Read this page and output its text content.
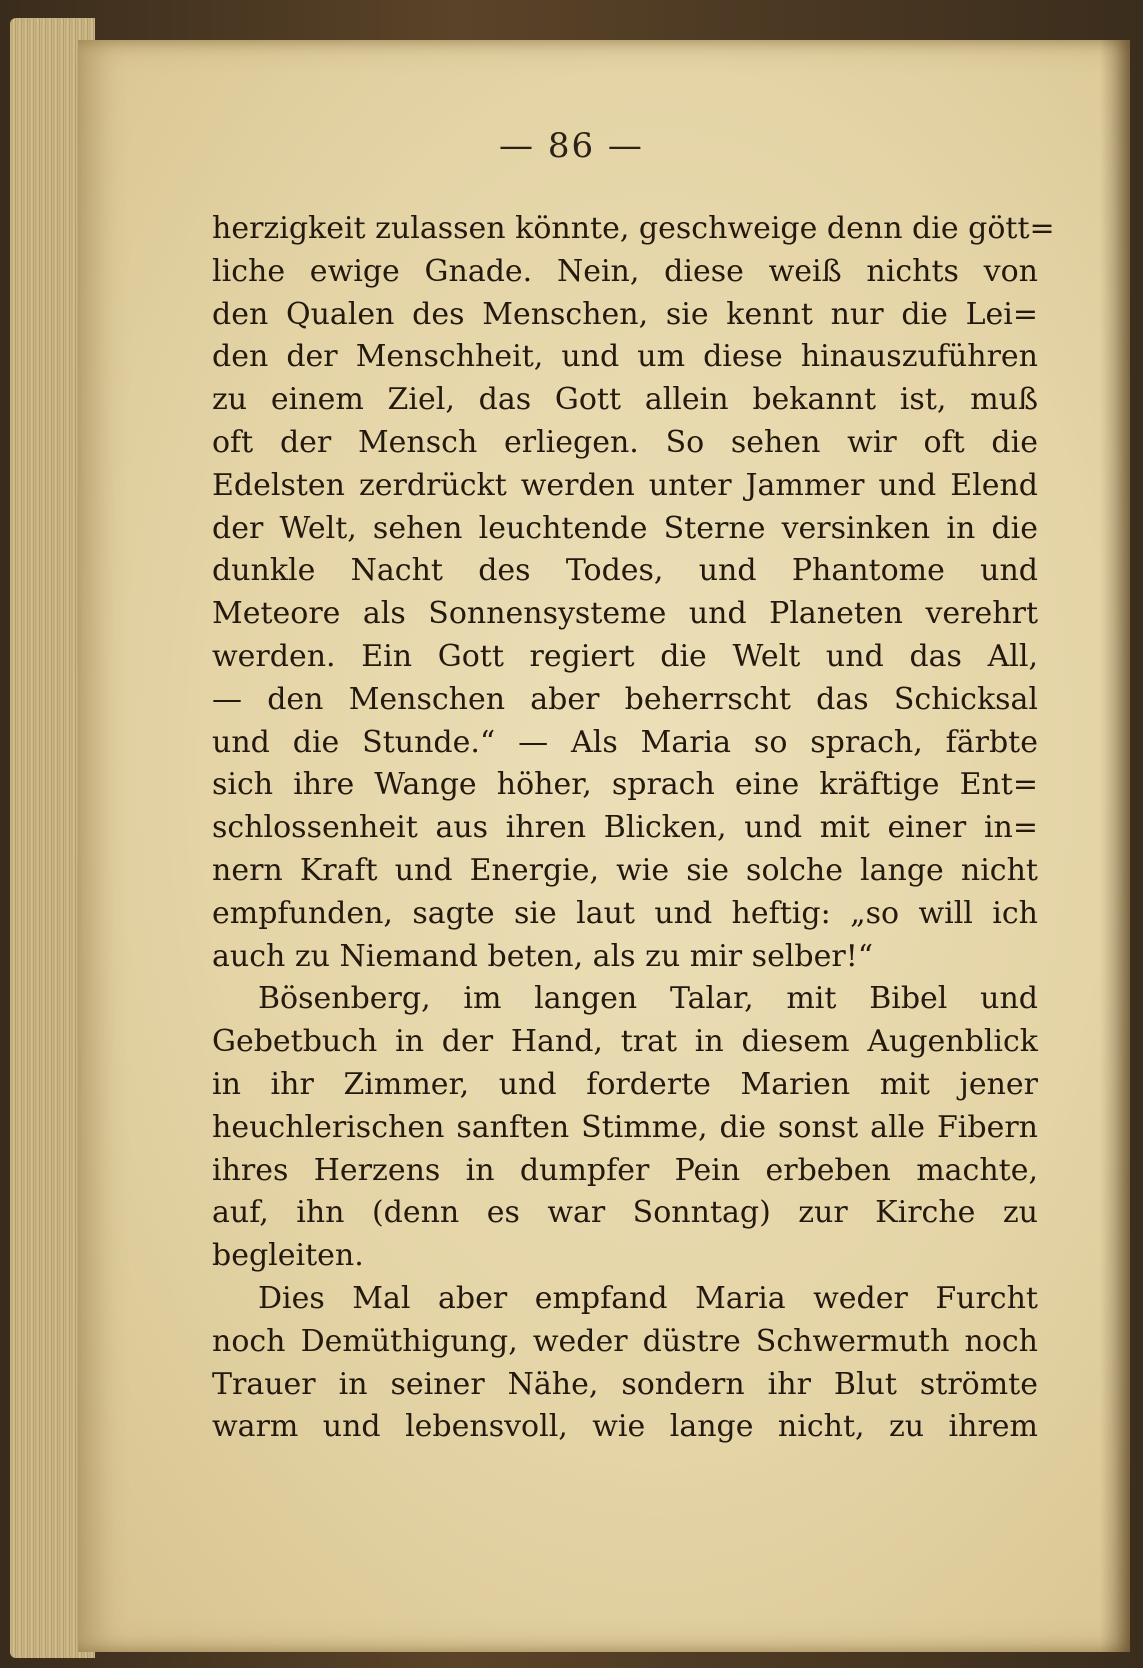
— 86 —
herzigkeit zulassen könnte, geschweige denn die gött=
liche ewige Gnade. Nein, diese weiß nichts von
den Qualen des Menschen, sie kennt nur die Lei=
den der Menschheit, und um diese hinauszuführen
zu einem Ziel, das Gott allein bekannt ist, muß
oft der Mensch erliegen. So sehen wir oft die
Edelsten zerdrückt werden unter Jammer und Elend
der Welt, sehen leuchtende Sterne versinken in die
dunkle Nacht des Todes, und Phantome und
Meteore als Sonnensysteme und Planeten verehrt
werden. Ein Gott regiert die Welt und das All,
— den Menschen aber beherrscht das Schicksal
und die Stunde.“ — Als Maria so sprach, färbte
sich ihre Wange höher, sprach eine kräftige Ent=
schlossenheit aus ihren Blicken, und mit einer in=
nern Kraft und Energie, wie sie solche lange nicht
empfunden, sagte sie laut und heftig: „so will ich
auch zu Niemand beten, als zu mir selber!“
Bösenberg, im langen Talar, mit Bibel und
Gebetbuch in der Hand, trat in diesem Augenblick
in ihr Zimmer, und forderte Marien mit jener
heuchlerischen sanften Stimme, die sonst alle Fibern
ihres Herzens in dumpfer Pein erbeben machte,
auf, ihn (denn es war Sonntag) zur Kirche zu
begleiten.
Dies Mal aber empfand Maria weder Furcht
noch Demüthigung, weder düstre Schwermuth noch
Trauer in seiner Nähe, sondern ihr Blut strömte
warm und lebensvoll, wie lange nicht, zu ihrem
